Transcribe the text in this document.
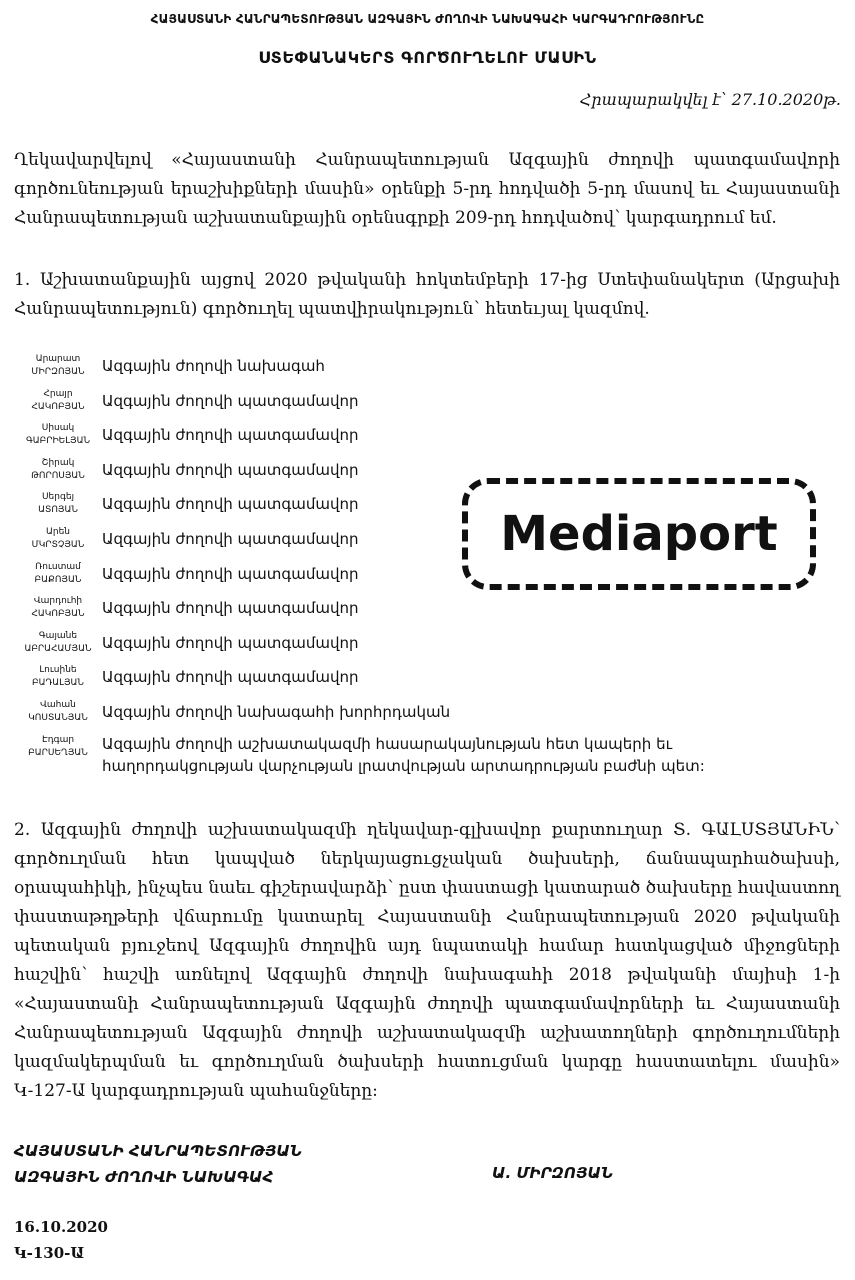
ՀԱՅԱՍՏԱՆԻ ՀԱՆՐԱՊԵՏՈՒԹՅԱՆ ԱԶԳԱՅԻՆ ԺՈՂՈՎԻ ՆԱԽԱԳԱՀԻ ԿԱՐԳԱԴՐՈՒԹՅՈՒՆԸ
ՍՏԵՓԱՆԱԿԵՐՏ ԳՈՐԾՈՒՂԵԼՈՒ ՄԱՍԻՆ
Հրապարակվել է՝ 27.10.2020թ.
Ղեկավարվելով «Հայաստանի Հանրապետության Ազգային ժողովի պատգամավորի գործունեության երաշխիքների մասին» օրենքի 5-րդ հոդվածի 5-րդ մասով եւ Հայաստանի Հանրապետության աշխատանքային օրենսգրքի 209-րդ հոդվածով՝ կարգադրում եմ.
1. Աշխատանքային այցով 2020 թվականի հոկտեմբերի 17-ից Ստեփանակերտ (Արցախի Հանրապետություն) գործուղել պատվիրակություն՝ հետեւյալ կազմով.
Արարատ
ՄԻՐԶՈՅԱՆ	Ազգային ժողովի նախագահ
Հրայր
ՀԱԿՈԲՅԱՆ	Ազգային ժողովի պատգամավոր
Սիսակ
ԳԱԲՐԻԵԼՅԱՆ Ազգային ժողովի պատգամավոր
Շիրակ
ԹՈՐՈՍՅԱՆ	Ազգային ժողովի պատգամավոր
Սերգեյ
ԱՏՈՅԱՆ	Ազգային ժողովի պատգամավոր
Արեն
ՄԿՐՏՉՅԱՆ	Ազգային ժողովի պատգամավոր
Ռուստամ
ԲԱՔՈՅԱՆ	Ազգային ժողովի պատգամավոր
Վարդուհի
ՀԱԿՈԲՅԱՆ	Ազգային ժողովի պատգամավոր
Գայանե
ԱԲՐԱՀԱՄՅԱՆ Ազգային ժողովի պատգամավոր
Լուսինե
ԲԱԴԱԼՅԱՆ	Ազգային ժողովի պատգամավոր
Վահան
ԿՈՍՏԱՆՅԱՆ Ազգային ժողովի նախագահի խորհրդական
Էդգար
ԲԱՐՍԵՂՅԱՆ Ազգային ժողովի աշխատակազմի հասարակայնության հետ կապերի եւ հաղորդակցության վարչության լրատվության արտադրության բաժնի պետ:
Mediaport
2. Ազգային ժողովի աշխատակազմի ղեկավար-գլխավոր քարտուղար Տ. ԳԱԼՍՏՅԱՆԻՆ՝ գործուղման հետ կապված ներկայացուցչական ծախսերի, ճանապարհածախսի, օրապահիկի, ինչպես նաեւ գիշերավարձի՝ ըստ փաստացի կատարած ծախսերը հավաստող փաստաթղթերի վճարումը կատարել Հայաստանի Հանրապետության 2020 թվականի պետական բյուջեով Ազգային ժողովին այդ նպատակի համար հատկացված միջոցների հաշվին՝ հաշվի առնելով Ազգային ժողովի նախագահի 2018 թվականի մայիսի 1-ի «Հայաստանի Հանրապետության Ազգային ժողովի պատգամավորների եւ Հայաստանի Հանրապետության Ազգային ժողովի աշխատակազմի աշխատողների գործուղումների կազմակերպման եւ գործուղման ծախսերի հատուցման կարգը հաստատելու մասին» Կ-127-Ա կարգադրության պահանջները:
ՀԱՅԱՍՏԱՆԻ ՀԱՆՐԱՊԵՏՈՒԹՅԱՆ
ԱԶԳԱՅԻՆ ԺՈՂՈՎԻ ՆԱԽԱԳԱՀ	Ա. ՄԻՐԶՈՅԱՆ
16.10.2020
Կ-130-Ա
